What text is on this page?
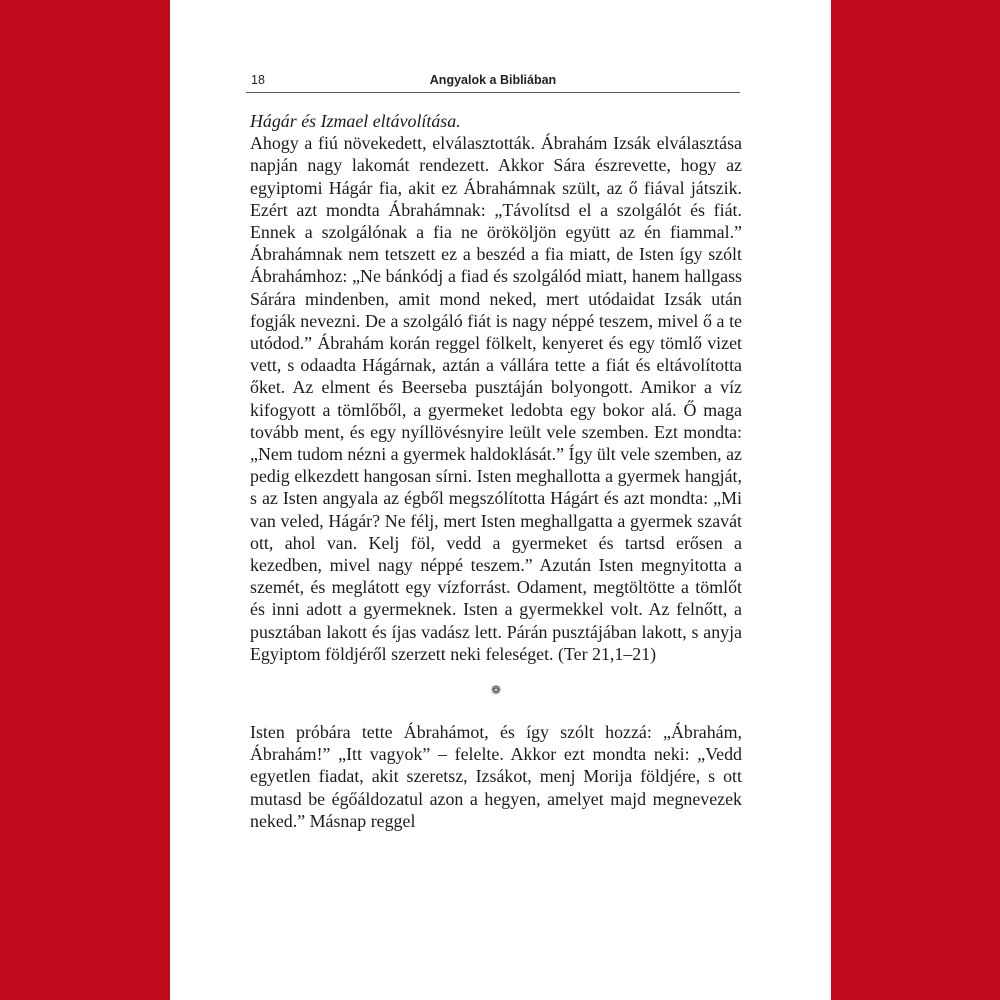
18	Angyalok a Bibliában

Hágár és Izmael eltávolítása.

Ahogy a fiú növekedett, elválasztották. Ábrahám Izsák elválasztása napján nagy lakomát rendezett. Akkor Sára észrevette, hogy az egyiptomi Hágár fia, akit ez Ábrahámnak szült, az ő fiával játszik. Ezért azt mondta Ábrahámnak: „Távolítsd el a szolgálót és fiát. Ennek a szolgálónak a fia ne örököljön együtt az én fiammal.” Ábrahámnak nem tetszett ez a beszéd a fia miatt, de Isten így szólt Ábrahámhoz: „Ne bánkódj a fiad és szolgálód miatt, hanem hallgass Sárára mindenben, amit mond neked, mert utódaidat Izsák után fogják nevezni. De a szolgáló fiát is nagy néppé teszem, mivel ő a te utódod.” Ábrahám korán reggel fölkelt, kenyeret és egy tömlő vizet vett, s odaadta Hágárnak, aztán a vállára tette a fiát és eltávolította őket. Az elment és Beerseba pusztáján bolyongott. Amikor a víz kifogyott a tömlőből, a gyermeket ledobta egy bokor alá. Ő maga tovább ment, és egy nyíllövésnyire leült vele szemben. Ezt mondta: „Nem tudom nézni a gyermek haldoklását.” Így ült vele szemben, az pedig elkezdett hangosan sírni. Isten meghallotta a gyermek hangját, s az Isten angyala az égből megszólította Hágárt és azt mondta: „Mi van veled, Hágár? Ne félj, mert Isten meghallgatta a gyermek szavát ott, ahol van. Kelj föl, vedd a gyermeket és tartsd erősen a kezedben, mivel nagy néppé teszem.” Azután Isten megnyitotta a szemét, és meglátott egy vízforrást. Odament, megtöltötte a tömlőt és inni adott a gyermeknek. Isten a gyermekkel volt. Az felnőtt, a pusztában lakott és íjas vadász lett. Párán pusztájában lakott, s anyja Egyiptom földjéről szerzett neki feleséget. (Ter 21,1–21)

❁

Isten próbára tette Ábrahámot, és így szólt hozzá: „Ábrahám, Ábrahám!” „Itt vagyok” – felelte. Akkor ezt mondta neki: „Vedd egyetlen fiadat, akit szeretsz, Izsákot, menj Morija földjére, s ott mutasd be égőáldozatul azon a hegyen, amelyet majd megnevezek neked.” Másnap reggel
